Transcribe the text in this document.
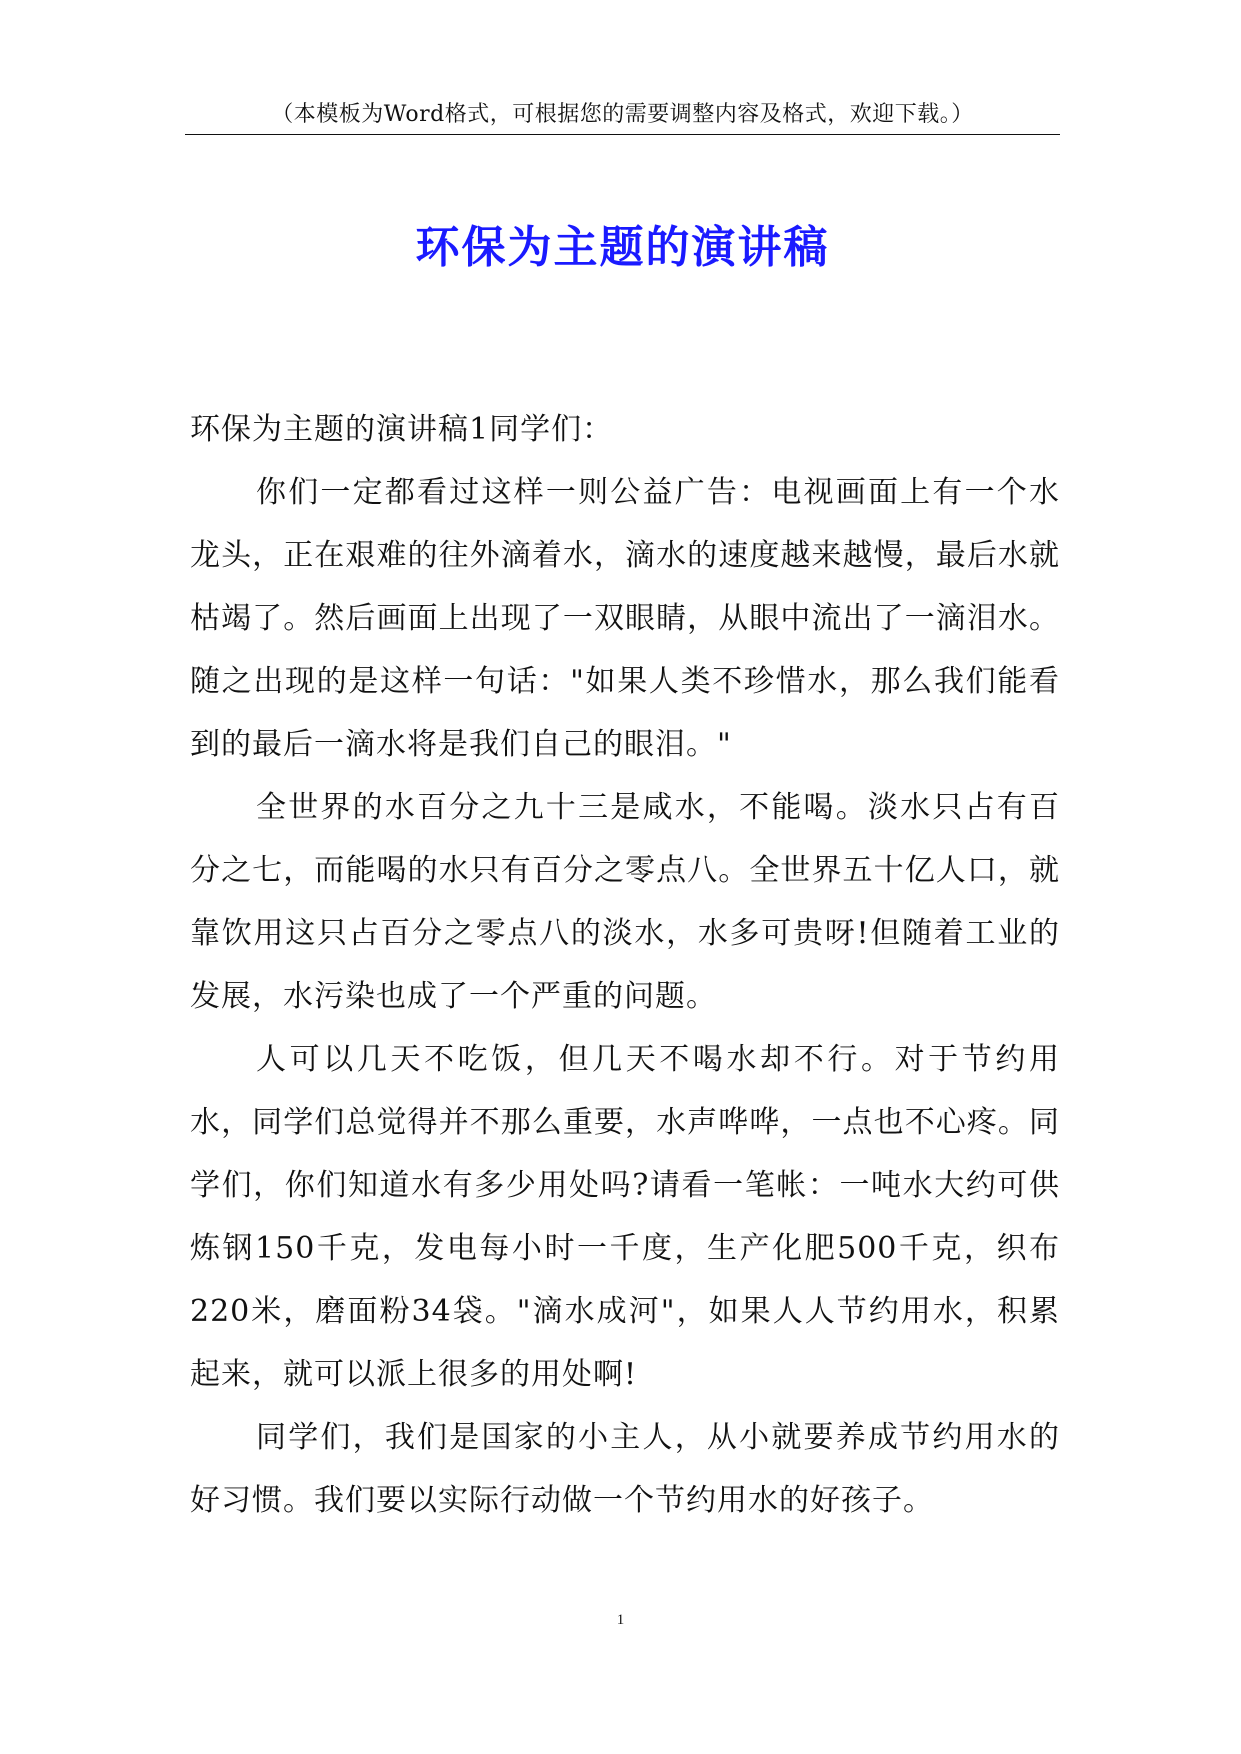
（本模板为Word格式，可根据您的需要调整内容及格式，欢迎下载。）
环保为主题的演讲稿

环保为主题的演讲稿1同学们：

你们一定都看过这样一则公益广告：电视画面上有一个水龙头，正在艰难的往外滴着水，滴水的速度越来越慢，最后水就枯竭了。然后画面上出现了一双眼睛，从眼中流出了一滴泪水。随之出现的是这样一句话："如果人类不珍惜水，那么我们能看到的最后一滴水将是我们自己的眼泪。"

全世界的水百分之九十三是咸水，不能喝。淡水只占有百分之七，而能喝的水只有百分之零点八。全世界五十亿人口，就靠饮用这只占百分之零点八的淡水，水多可贵呀!但随着工业的发展，水污染也成了一个严重的问题。

人可以几天不吃饭，但几天不喝水却不行。对于节约用水，同学们总觉得并不那么重要，水声哗哗，一点也不心疼。同学们，你们知道水有多少用处吗?请看一笔帐：一吨水大约可供炼钢150千克，发电每小时一千度，生产化肥500千克，织布220米，磨面粉34袋。"滴水成河"，如果人人节约用水，积累起来，就可以派上很多的用处啊!

同学们，我们是国家的小主人，从小就要养成节约用水的好习惯。我们要以实际行动做一个节约用水的好孩子。

1
